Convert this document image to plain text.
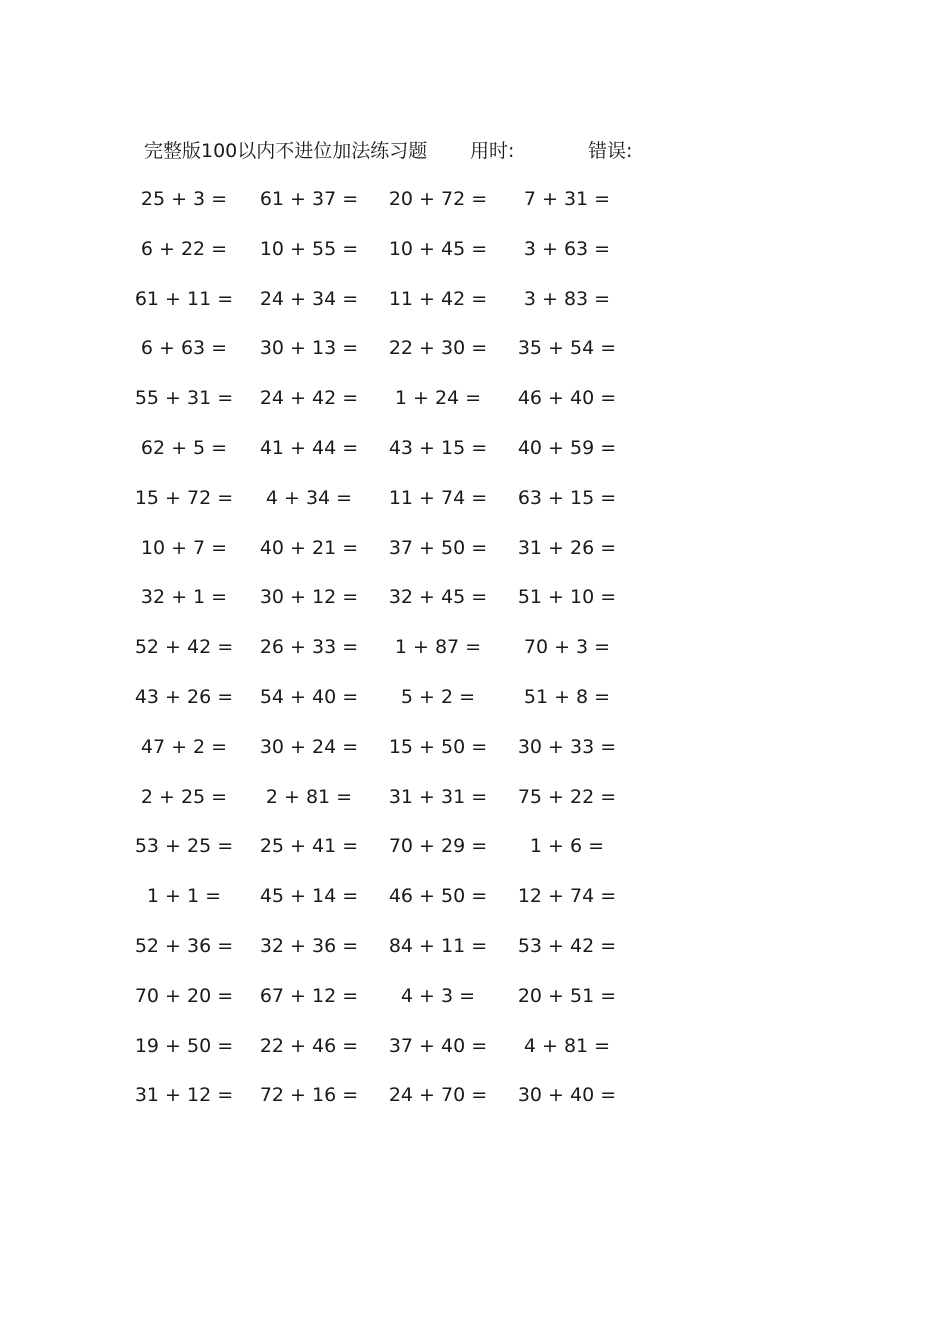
完整版100以内不进位加法练习题 用时:	错误:
25 + 3 =	61 + 37 =	20 + 72 =	7 + 31 =
6 + 22 =	10 + 55 =	10 + 45 =	3 + 63 =
61 + 11 =	24 + 34 =	11 + 42 =	3 + 83 =
6 + 63 =	30 + 13 =	22 + 30 =	35 + 54 =
55 + 31 =	24 + 42 =	1 + 24 =	46 + 40 =
62 + 5 =	41 + 44 =	43 + 15 =	40 + 59 =
15 + 72 =	4 + 34 =	11 + 74 =	63 + 15 =
10 + 7 =	40 + 21 =	37 + 50 =	31 + 26 =
32 + 1 =	30 + 12 =	32 + 45 =	51 + 10 =
52 + 42 =	26 + 33 =	1 + 87 =	70 + 3 =
43 + 26 =	54 + 40 =	5 + 2 =	51 + 8 =
47 + 2 =	30 + 24 =	15 + 50 =	30 + 33 =
2 + 25 =	2 + 81 =	31 + 31 =	75 + 22 =
53 + 25 =	25 + 41 =	70 + 29 =	1 + 6 =
1 + 1 =	45 + 14 =	46 + 50 =	12 + 74 =
52 + 36 =	32 + 36 =	84 + 11 =	53 + 42 =
70 + 20 =	67 + 12 =	4 + 3 =	20 + 51 =
19 + 50 =	22 + 46 =	37 + 40 =	4 + 81 =
31 + 12 =	72 + 16 =	24 + 70 =	30 + 40 =
